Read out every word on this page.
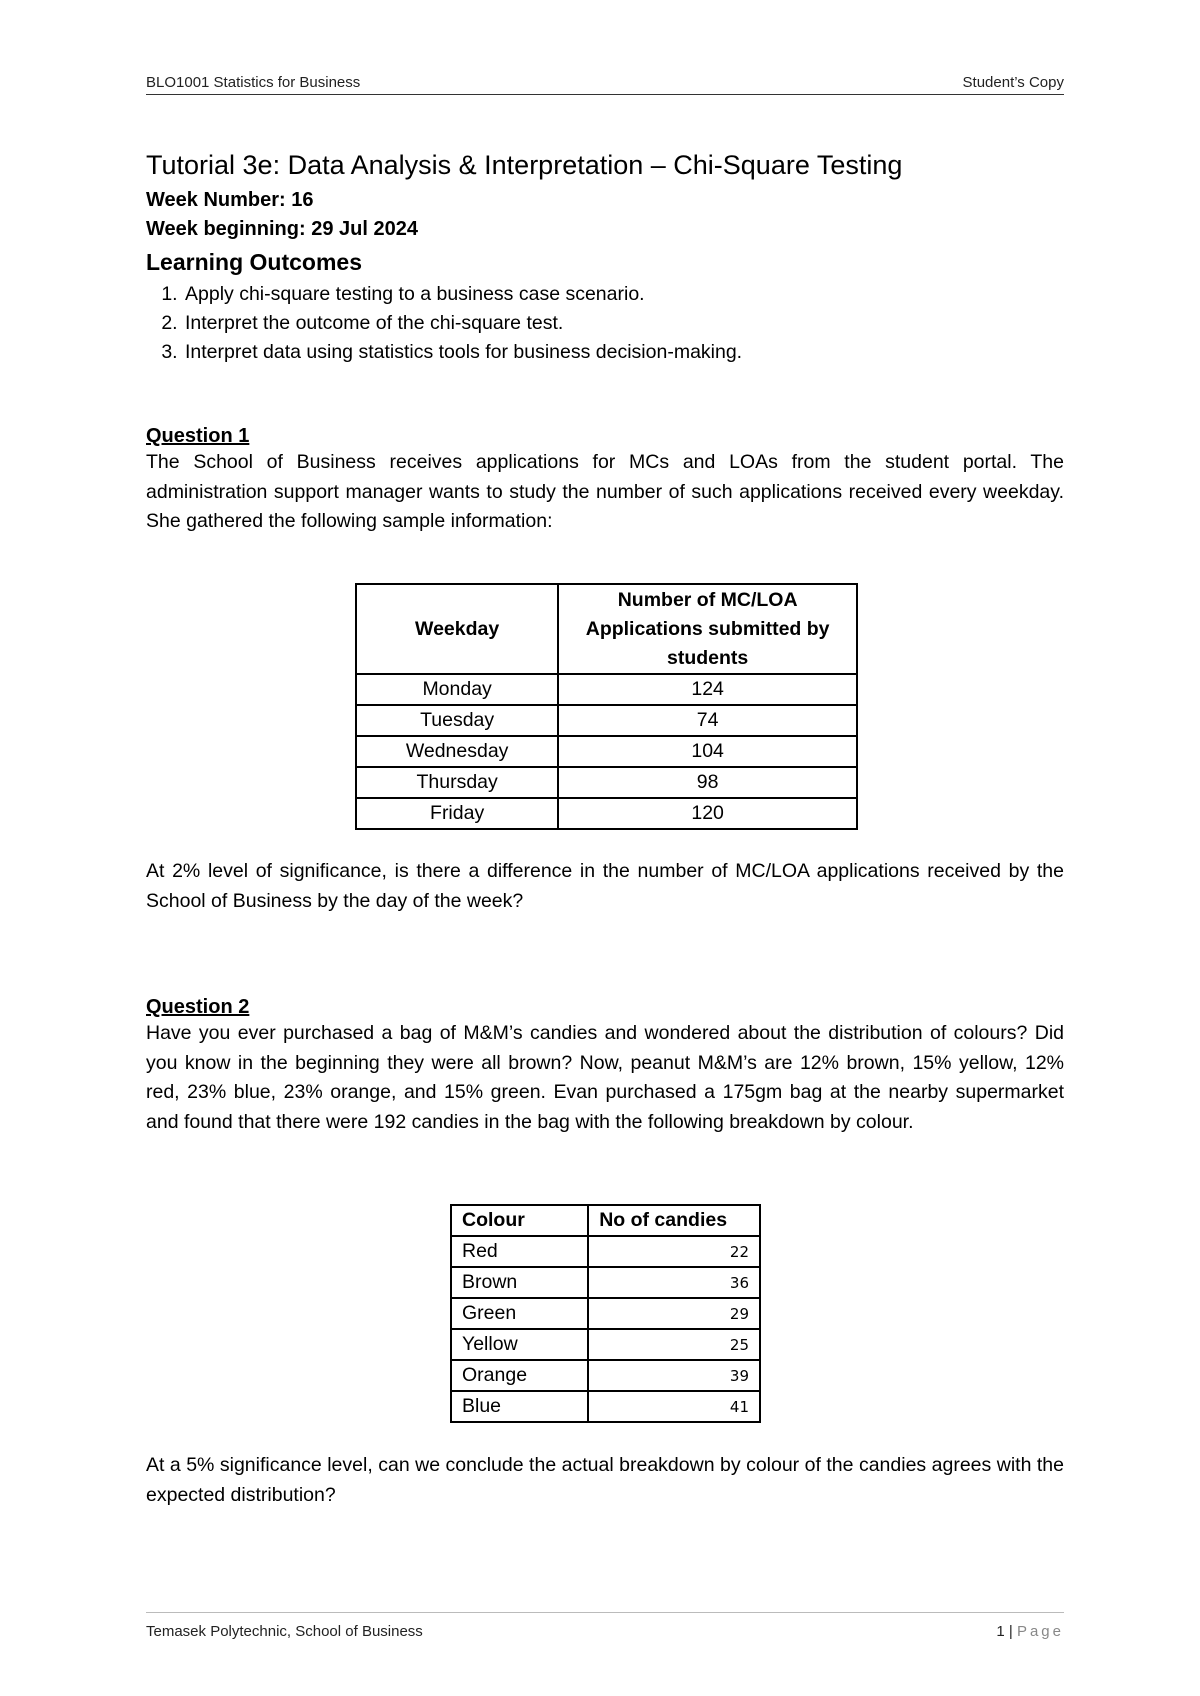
BLO1001 Statistics for Business	Student’s Copy
Tutorial 3e: Data Analysis & Interpretation – Chi-Square Testing
Week Number: 16
Week beginning: 29 Jul 2024
Learning Outcomes
1. Apply chi-square testing to a business case scenario.
2. Interpret the outcome of the chi-square test.
3. Interpret data using statistics tools for business decision-making.
Question 1

The School of Business receives applications for MCs and LOAs from the student portal. The administration support manager wants to study the number of such applications received every weekday. She gathered the following sample information:

Weekday	Number of MC/LOA Applications submitted by students
Monday	124
Tuesday	74
Wednesday	104
Thursday	98
Friday	120

At 2% level of significance, is there a difference in the number of MC/LOA applications received by the School of Business by the day of the week?

Question 2

Have you ever purchased a bag of M&M’s candies and wondered about the distribution of colours? Did you know in the beginning they were all brown? Now, peanut M&M’s are 12% brown, 15% yellow, 12% red, 23% blue, 23% orange, and 15% green. Evan purchased a 175gm bag at the nearby supermarket and found that there were 192 candies in the bag with the following breakdown by colour.

Colour	No of candies
Red	22
Brown	36
Green	29
Yellow	25
Orange	39
Blue	41

At a 5% significance level, can we conclude the actual breakdown by colour of the candies agrees with the expected distribution?

Temasek Polytechnic, School of Business	1 | Page
